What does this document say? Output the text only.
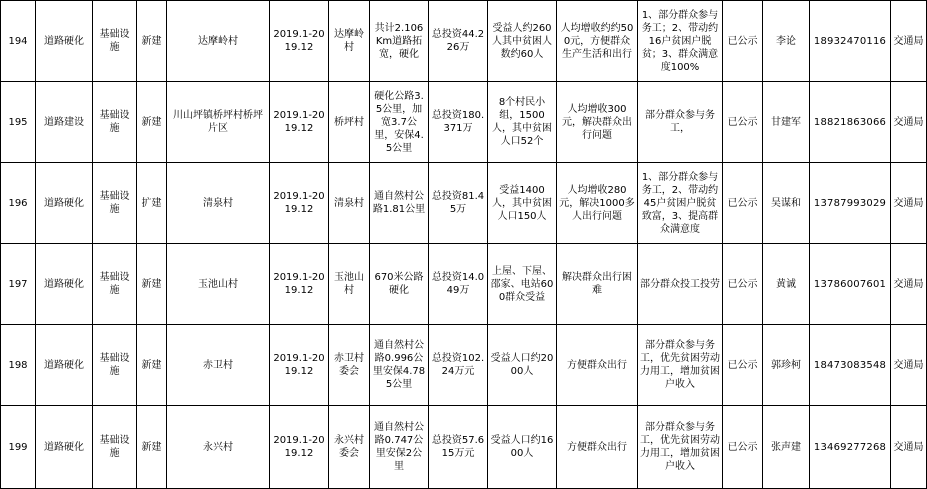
194	道路硬化	基础设施	新建	达摩岭村	2019.1-2019.12	达摩岭村	共计2.106Km道路拓宽，硬化	总投资44.226万	受益人约260人其中贫困人数约60人	人均增收约约500元，方便群众生产生活和出行	1、部分群众参与务工；2、带动约16户贫困户脱贫；3、群众满意度100%	已公示	李论	18932470116	交通局
195	道路建设	基础设施	新建	川山坪镇桥坪村桥坪片区	2019.1-2019.12	桥坪村	硬化公路3.5公里，加宽3.7公里，安保4.5公里	总投资180.371万	8个村民小组，1500人，其中贫困人口52个	人均增收300元，解决群众出行问题	部分群众参与务工，	已公示	甘建军	18821863066	交通局
196	道路硬化	基础设施	扩建	清泉村	2019.1-2019.12	清泉村	通自然村公路1.81公里	总投资81.45万	受益1400人，其中贫困人口150人	人均增收280元，解决1000多人出行问题	1、部分群众参与务工，2、带动约45户贫困户脱贫致富，3、提高群众满意度	已公示	吴谋和	13787993029	交通局
197	道路硬化	基础设施	新建	玉池山村	2019.1-2019.12	玉池山村	670米公路硬化	总投资14.049万	上屋、下屋、邵家、电站600群众受益	解决群众出行困难	部分群众投工投劳	已公示	黄诚	13786007601	交通局
198	道路硬化	基础设施	新建	赤卫村	2019.1-2019.12	赤卫村委会	通自然村公路0.996公里安保4.785公里	总投资102.24万元	受益人口约2000人	方便群众出行	部分群众参与务工，优先贫困劳动力用工，增加贫困户收入	已公示	郭珍柯	18473083548	交通局
199	道路硬化	基础设施	新建	永兴村	2019.1-2019.12	永兴村委会	通自然村公路0.747公里安保2公里	总投资57.615万元	受益人口约1600人	方便群众出行	部分群众参与务工，优先贫困劳动力用工，增加贫困户收入	已公示	张声建	13469277268	交通局
